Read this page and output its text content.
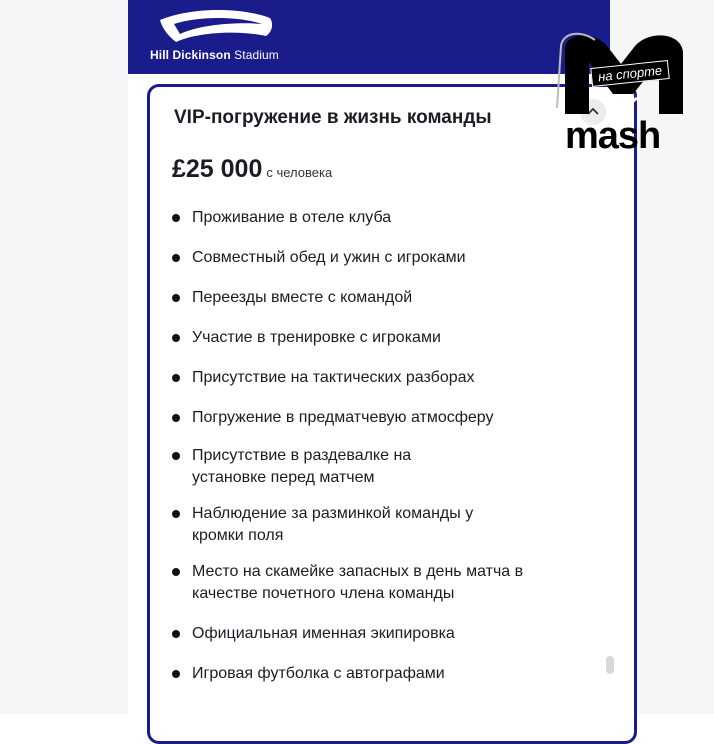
Hill Dickinson Stadium
VIP-погружение в жизнь команды
£25 000 с человека
Проживание в отеле клуба
Совместный обед и ужин с игроками
Переезды вместе с командой
Участие в тренировке с игроками
Присутствие на тактических разборах
Погружение в предматчевую атмосферу
Присутствие в раздевалке на установке перед матчем
Наблюдение за разминкой команды у кромки поля
Место на скамейке запасных в день матча в качестве почетного члена команды
Официальная именная экипировка
Игровая футболка с автографами
на спорте
mash
